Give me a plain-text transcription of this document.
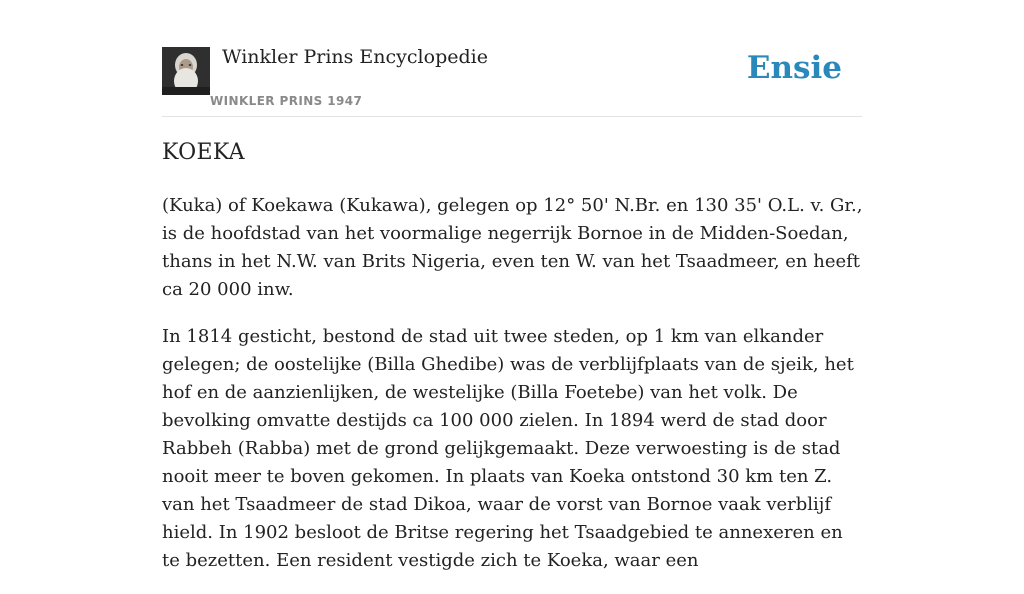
Winkler Prins Encyclopedie
WINKLER PRINS 1947
Ensie
KOEKA

(Kuka) of Koekawa (Kukawa), gelegen op 12° 50' N.Br. en 130 35' O.L. v. Gr., is de hoofdstad van het voormalige negerrijk Bornoe in de Midden-Soedan, thans in het N.W. van Brits Nigeria, even ten W. van het Tsaadmeer, en heeft ca 20 000 inw.

In 1814 gesticht, bestond de stad uit twee steden, op 1 km van elkander gelegen; de oostelijke (Billa Ghedibe) was de verblijfplaats van de sjeik, het hof en de aanzienlijken, de westelijke (Billa Foetebe) van het volk. De bevolking omvatte destijds ca 100 000 zielen. In 1894 werd de stad door Rabbeh (Rabba) met de grond gelijkgemaakt. Deze verwoesting is de stad nooit meer te boven gekomen. In plaats van Koeka ontstond 30 km ten Z. van het Tsaadmeer de stad Dikoa, waar de vorst van Bornoe vaak verblijf hield. In 1902 besloot de Britse regering het Tsaadgebied te annexeren en te bezetten. Een resident vestigde zich te Koeka, waar een
